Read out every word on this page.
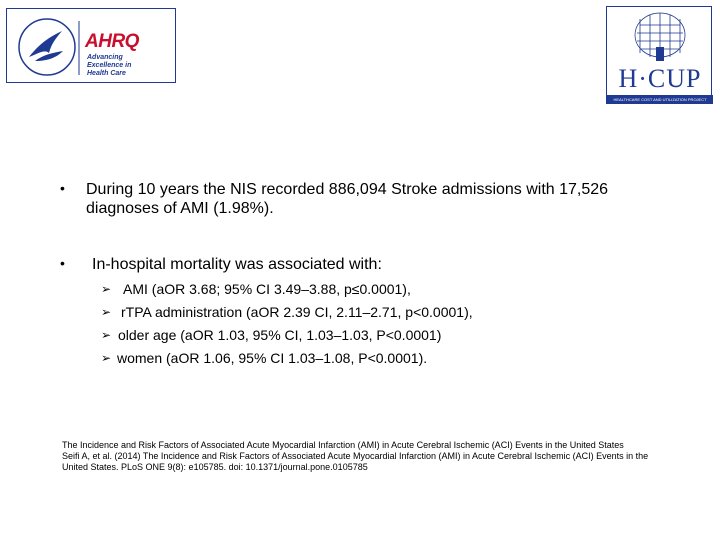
AHRQ
Advancing
Excellence in
Health Care	H·CUP
HEALTHCARE COST AND UTILIZATION PROJECT
• During 10 years the NIS recorded 886,094 Stroke admissions with 17,526
diagnoses of AMI (1.98%).
• In-hospital mortality was associated with:
➢ AMI (aOR 3.68; 95% CI 3.49–3.88, p≤0.0001),
➢ rTPA administration (aOR 2.39 CI, 2.11–2.71, p<0.0001),
➢ older age (aOR 1.03, 95% CI, 1.03–1.03, P<0.0001)
➢ women (aOR 1.06, 95% CI 1.03–1.08, P<0.0001).
The Incidence and Risk Factors of Associated Acute Myocardial Infarction (AMI) in Acute Cerebral Ischemic (ACI) Events in the United States
Seifi A, et al. (2014) The Incidence and Risk Factors of Associated Acute Myocardial Infarction (AMI) in Acute Cerebral Ischemic (ACI) Events in the United States. PLoS ONE 9(8): e105785. doi: 10.1371/journal.pone.0105785
